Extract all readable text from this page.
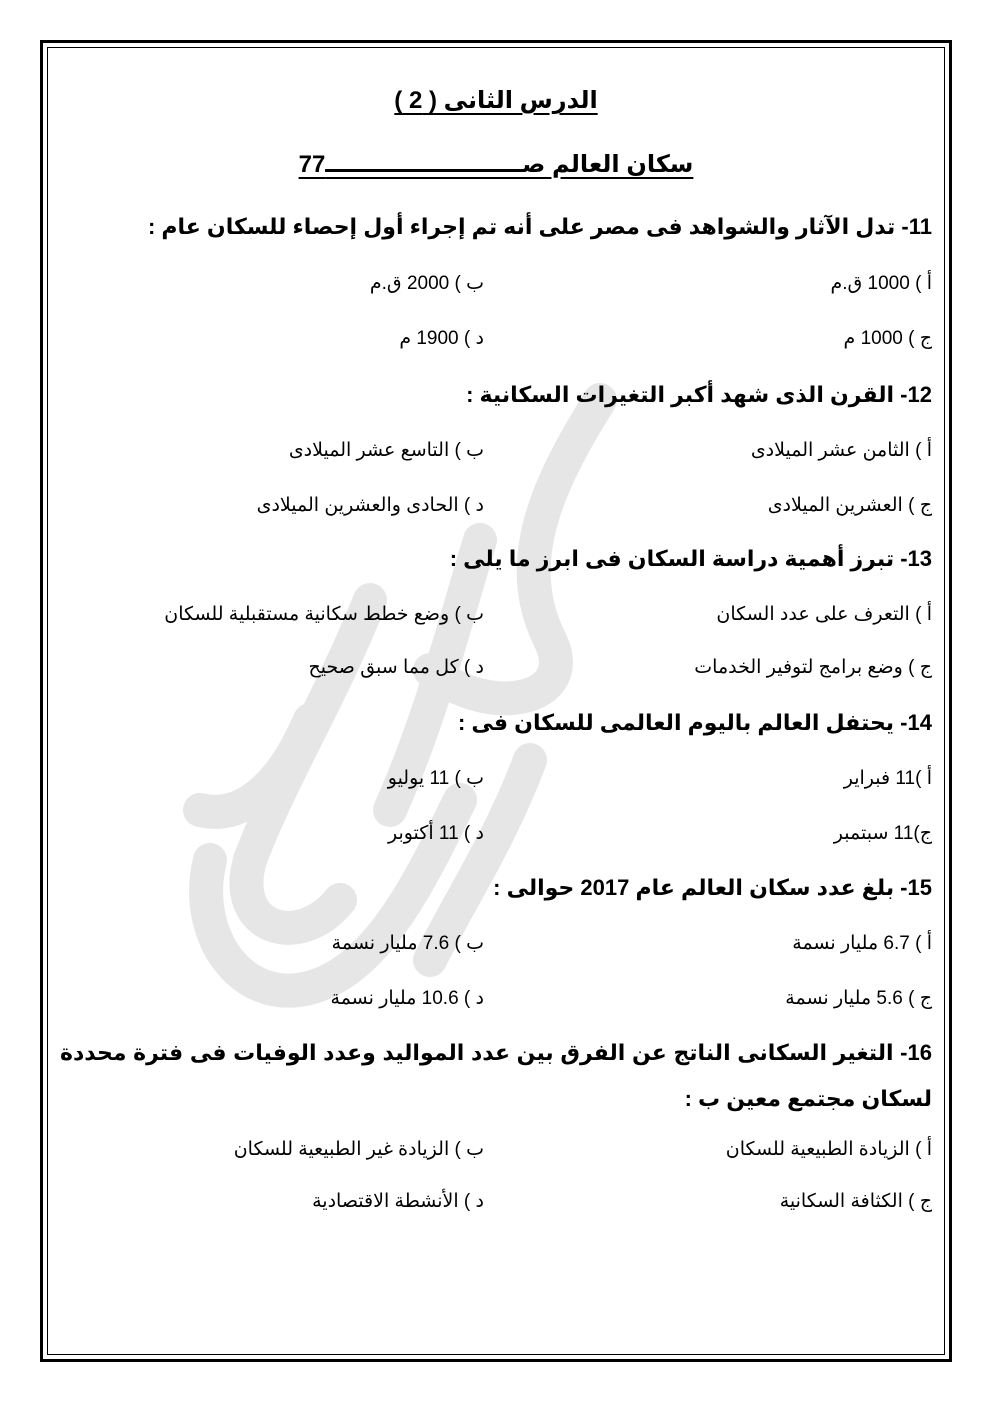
الدرس الثانى ( 2 )
سكان العالم صــــــــــــــــــــــــ77
11- تدل الآثار والشواهد فى مصر على أنه تم إجراء أول إحصاء للسكان عام :
أ ) 1000 ق.م
ب ) 2000 ق.م
ج ) 1000 م
د ) 1900 م
12- القرن الذى شهد أكبر التغيرات السكانية :
أ ) الثامن عشر الميلادى
ب ) التاسع عشر الميلادى
ج ) العشرين الميلادى
د ) الحادى والعشرين الميلادى
13- تبرز أهمية دراسة السكان فى ابرز ما يلى :
أ ) التعرف على عدد السكان
ب ) وضع خطط سكانية مستقبلية للسكان
ج ) وضع برامج لتوفير الخدمات
د ) كل مما سبق صحيح
14- يحتفل العالم باليوم العالمى للسكان فى :
أ )11 فبراير
ب ) 11 يوليو
ج)11 سبتمبر
د ) 11 أكتوبر
15- بلغ عدد سكان العالم عام 2017 حوالى :
أ ) 6.7 مليار نسمة
ب ) 7.6 مليار نسمة
ج ) 5.6 مليار نسمة
د ) 10.6 مليار نسمة
16- التغير السكانى الناتج عن الفرق بين عدد المواليد وعدد الوفيات فى فترة محددة لسكان مجتمع معين ب :
أ ) الزيادة الطبيعية للسكان
ب ) الزيادة غير الطبيعية للسكان
ج ) الكثافة السكانية
د ) الأنشطة الاقتصادية
